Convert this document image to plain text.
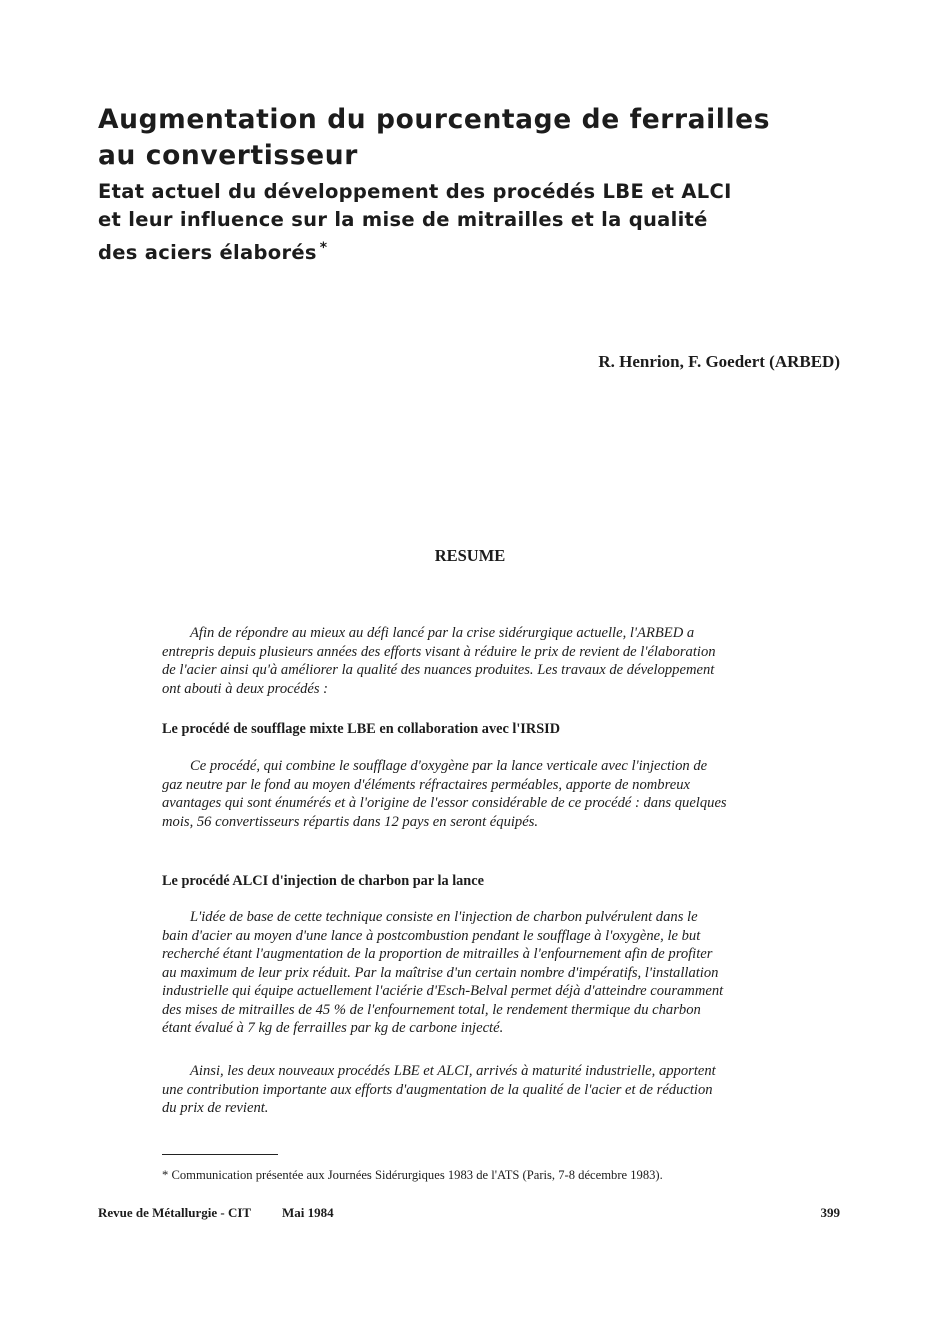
Augmentation du pourcentage de ferrailles
au convertisseur
Etat actuel du développement des procédés LBE et ALCI
et leur influence sur la mise de mitrailles et la qualité
des aciers élaborés *
R. Henrion, F. Goedert (ARBED)
RESUME
Afin de répondre au mieux au défi lancé par la crise sidérurgique actuelle, l'ARBED a
entrepris depuis plusieurs années des efforts visant à réduire le prix de revient de l'élaboration
de l'acier ainsi qu'à améliorer la qualité des nuances produites. Les travaux de développement
ont abouti à deux procédés :
Le procédé de soufflage mixte LBE en collaboration avec l'IRSID
Ce procédé, qui combine le soufflage d'oxygène par la lance verticale avec l'injection de
gaz neutre par le fond au moyen d'éléments réfractaires perméables, apporte de nombreux
avantages qui sont énumérés et à l'origine de l'essor considérable de ce procédé : dans quelques
mois, 56 convertisseurs répartis dans 12 pays en seront équipés.
Le procédé ALCI d'injection de charbon par la lance
L'idée de base de cette technique consiste en l'injection de charbon pulvérulent dans le
bain d'acier au moyen d'une lance à postcombustion pendant le soufflage à l'oxygène, le but
recherché étant l'augmentation de la proportion de mitrailles à l'enfournement afin de profiter
au maximum de leur prix réduit. Par la maîtrise d'un certain nombre d'impératifs, l'installation
industrielle qui équipe actuellement l'aciérie d'Esch-Belval permet déjà d'atteindre couramment
des mises de mitrailles de 45 % de l'enfournement total, le rendement thermique du charbon
étant évalué à 7 kg de ferrailles par kg de carbone injecté.
Ainsi, les deux nouveaux procédés LBE et ALCI, arrivés à maturité industrielle, apportent
une contribution importante aux efforts d'augmentation de la qualité de l'acier et de réduction
du prix de revient.
* Communication présentée aux Journées Sidérurgiques 1983 de l'ATS (Paris, 7-8 décembre 1983).
Revue de Métallurgie - CIT Mai 1984	399
